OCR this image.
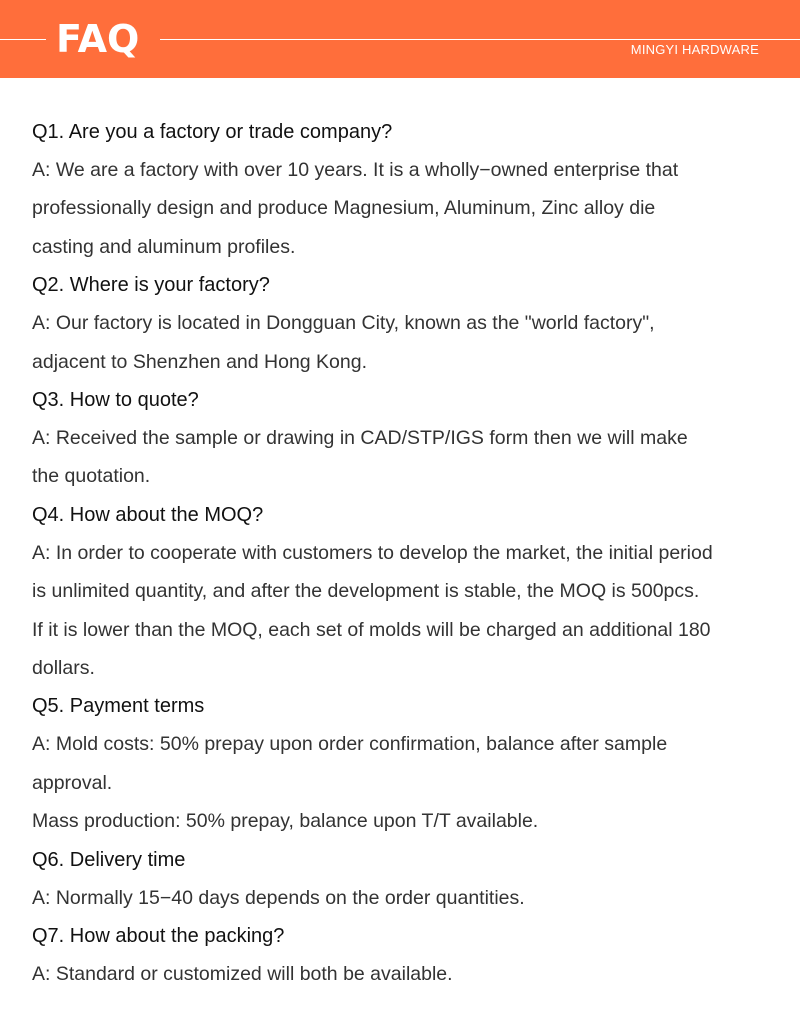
FAQ	MINGYI HARDWARE
Q1. Are you a factory or trade company?
A: We are a factory with over 10 years. It is a wholly−owned enterprise that
professionally design and produce Magnesium, Aluminum, Zinc alloy die
casting and aluminum profiles.
Q2. Where is your factory?
A: Our factory is located in Dongguan City, known as the "world factory",
adjacent to Shenzhen and Hong Kong.
Q3. How to quote?
A: Received the sample or drawing in CAD/STP/IGS form then we will make
the quotation.
Q4. How about the MOQ?
A: In order to cooperate with customers to develop the market, the initial period
is unlimited quantity, and after the development is stable, the MOQ is 500pcs.
If it is lower than the MOQ, each set of molds will be charged an additional 180
dollars.
Q5. Payment terms
A: Mold costs: 50% prepay upon order confirmation, balance after sample
approval.
Mass production: 50% prepay, balance upon T/T available.
Q6. Delivery time
A: Normally 15−40 days depends on the order quantities.
Q7. How about the packing?
A: Standard or customized will both be available.
